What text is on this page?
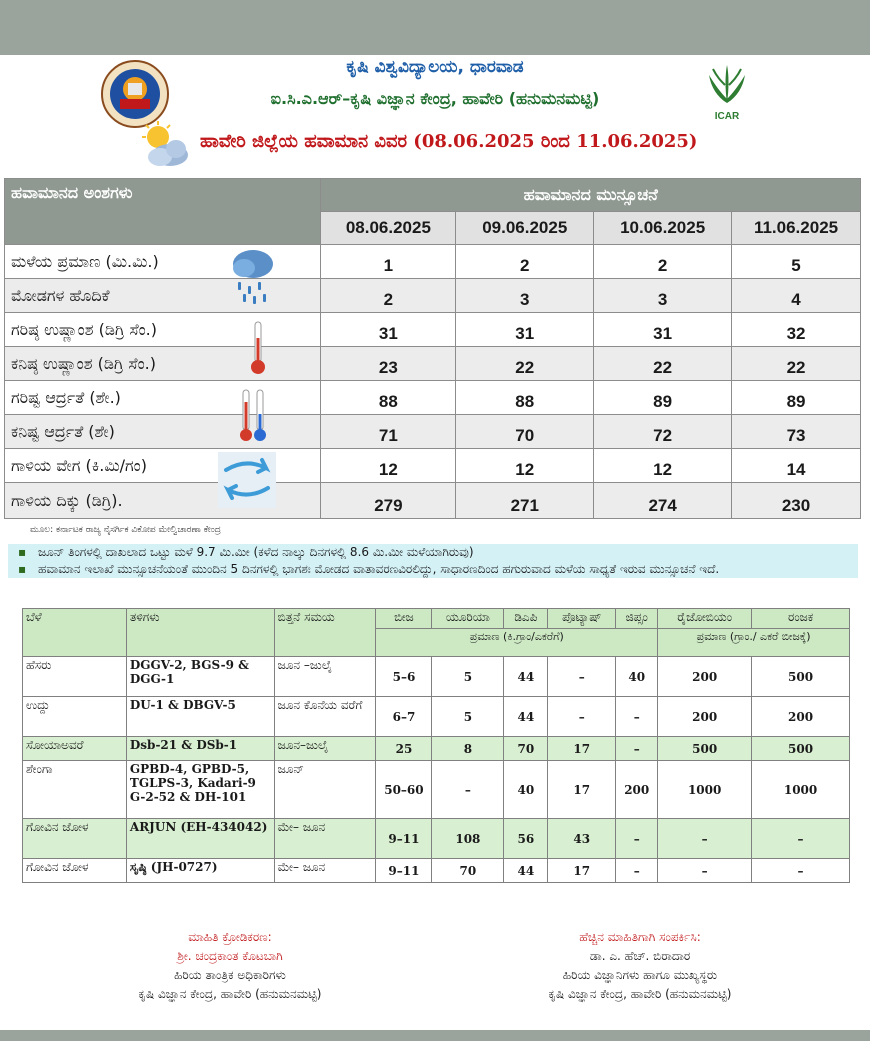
ಕೃಷಿ ವಿಶ್ವವಿದ್ಯಾಲಯ, ಧಾರವಾಡ
ಐ.ಸಿ.ಎ.ಆರ್–ಕೃಷಿ ವಿಜ್ಞಾನ ಕೇಂದ್ರ, ಹಾವೇರಿ (ಹನುಮನಮಟ್ಟಿ)
ICAR
ಹಾವೇರಿ ಜಿಲ್ಲೆಯ ಹವಾಮಾನ ವಿವರ (08.06.2025 ರಿಂದ 11.06.2025)
ಹವಾಮಾನದ ಅಂಶಗಳು	ಹವಾಮಾನದ ಮುನ್ಸೂಚನೆ			
	08.06.2025	09.06.2025	10.06.2025	11.06.2025
ಮಳೆಯ ಪ್ರಮಾಣ (ಮಿ.ಮಿ.)	1	2	2	5
ಮೋಡಗಳ ಹೊದಿಕೆ	2	3	3	4
ಗರಿಷ್ಠ ಉಷ್ಣಾಂಶ (ಡಿಗ್ರಿ ಸೆಂ.)	31	31	31	32
ಕನಿಷ್ಠ ಉಷ್ಣಾಂಶ (ಡಿಗ್ರಿ ಸೆಂ.)	23	22	22	22
ಗರಿಷ್ಟ ಆರ್ದ್ರತೆ (ಶೇ.)	88	88	89	89
ಕನಿಷ್ಟ ಆರ್ದ್ರತೆ (ಶೇ)	71	70	72	73
ಗಾಳಿಯ ವೇಗ (ಕಿ.ಮಿ/ಗಂ)	12	12	12	14
ಗಾಳಿಯ ದಿಕ್ಕು (ಡಿಗ್ರಿ).	279	271	274	230
ಮೂಲ: ಕರ್ನಾಟಕ ರಾಜ್ಯ ನೈಸರ್ಗಿಕ ವಿಕೋಪ ಮೇಲ್ವಿಚಾರಣಾ ಕೇಂದ್ರ
▪ ಜೂನ್ ತಿಂಗಳಲ್ಲಿ ದಾಖಲಾದ ಒಟ್ಟು ಮಳೆ 9.7 ಮಿ.ಮೀ (ಕಳೆದ ನಾಲ್ಕು ದಿನಗಳಲ್ಲಿ 8.6 ಮಿ.ಮೀ ಮಳೆಯಾಗಿರುವು)
▪ ಹವಾಮಾನ ಇಲಾಖೆ ಮುನ್ಸೂಚನೆಯಂತೆ ಮುಂದಿನ 5 ದಿನಗಳಲ್ಲಿ ಭಾಗಶಃ ಮೋಡದ ವಾತಾವರಣವಿರಲಿದ್ದು, ಸಾಧಾರಣದಿಂದ ಹಗುರುವಾದ ಮಳೆಯ ಸಾಧ್ಯತೆ ಇರುವ ಮುನ್ಸೂಚನೆ ಇದೆ.
ಬೆಳೆ	ತಳಿಗಳು	ಬಿತ್ತನೆ ಸಮಯ	ಬೀಜ	ಯೂರಿಯಾ	ಡಿಎಪಿ	ಪೊಟ್ಯಾಷ್	ಜಿಪ್ಸಂ	ರೈಜೋಬಿಯಂ	ರಂಜಕ
			ಪ್ರಮಾಣ (ಕಿ.ಗ್ರಾಂ/ಎಕರೆಗೆ)					ಪ್ರಮಾಣ (ಗ್ರಾಂ./ ಎಕರೆ ಬೀಜಕ್ಕೆ)	
ಹೆಸರು	DGGV-2, BGS-9 & DGG-1	ಜೂನ –ಜುಲೈ	5–6	5	44	–	40	200	500
ಉದ್ದು	DU-1 & DBGV-5	ಜೂನ ಕೊನೆಯ ವರೆಗೆ	6–7	5	44	–	–	200	200
ಸೋಯಾಅವರೆ	Dsb-21 & DSb-1	ಜೂನ–ಜುಲೈ	25	8	70	17	–	500	500
ಶೇಂಗಾ	GPBD-4, GPBD-5, TGLPS-3, Kadari-9 G-2-52 & DH-101	ಜೂನ್	50–60	–	40	17	200	1000	1000
ಗೋವಿನ ಜೋಳ	ARJUN (EH-434042)	ಮೇ– ಜೂನ	9–11	108	56	43	–	–	–
ಗೋವಿನ ಜೋಳ	ಸೃಷ್ಠಿ (JH-0727)	ಮೇ– ಜೂನ	9–11	70	44	17	–	–	–
ಮಾಹಿತಿ ಕ್ರೋಡಿಕರಣ:
ಶ್ರೀ. ಚಂದ್ರಕಾಂತ ಕೊಟಬಾಗಿ
ಹಿರಿಯ ತಾಂತ್ರಿಕ ಅಧಿಕಾರಿಗಳು
ಕೃಷಿ ವಿಜ್ಞಾನ ಕೇಂದ್ರ, ಹಾವೇರಿ (ಹನುಮನಮಟ್ಟಿ)
ಹೆಚ್ಚಿನ ಮಾಹಿತಿಗಾಗಿ ಸಂಪರ್ಕಿಸಿ:
ಡಾ. ಎ. ಹೆಚ್. ಬಿರಾದಾರ
ಹಿರಿಯ ವಿಜ್ಞಾನಿಗಳು ಹಾಗೂ ಮುಖ್ಯಸ್ಥರು
ಕೃಷಿ ವಿಜ್ಞಾನ ಕೇಂದ್ರ, ಹಾವೇರಿ (ಹನುಮನಮಟ್ಟಿ)
